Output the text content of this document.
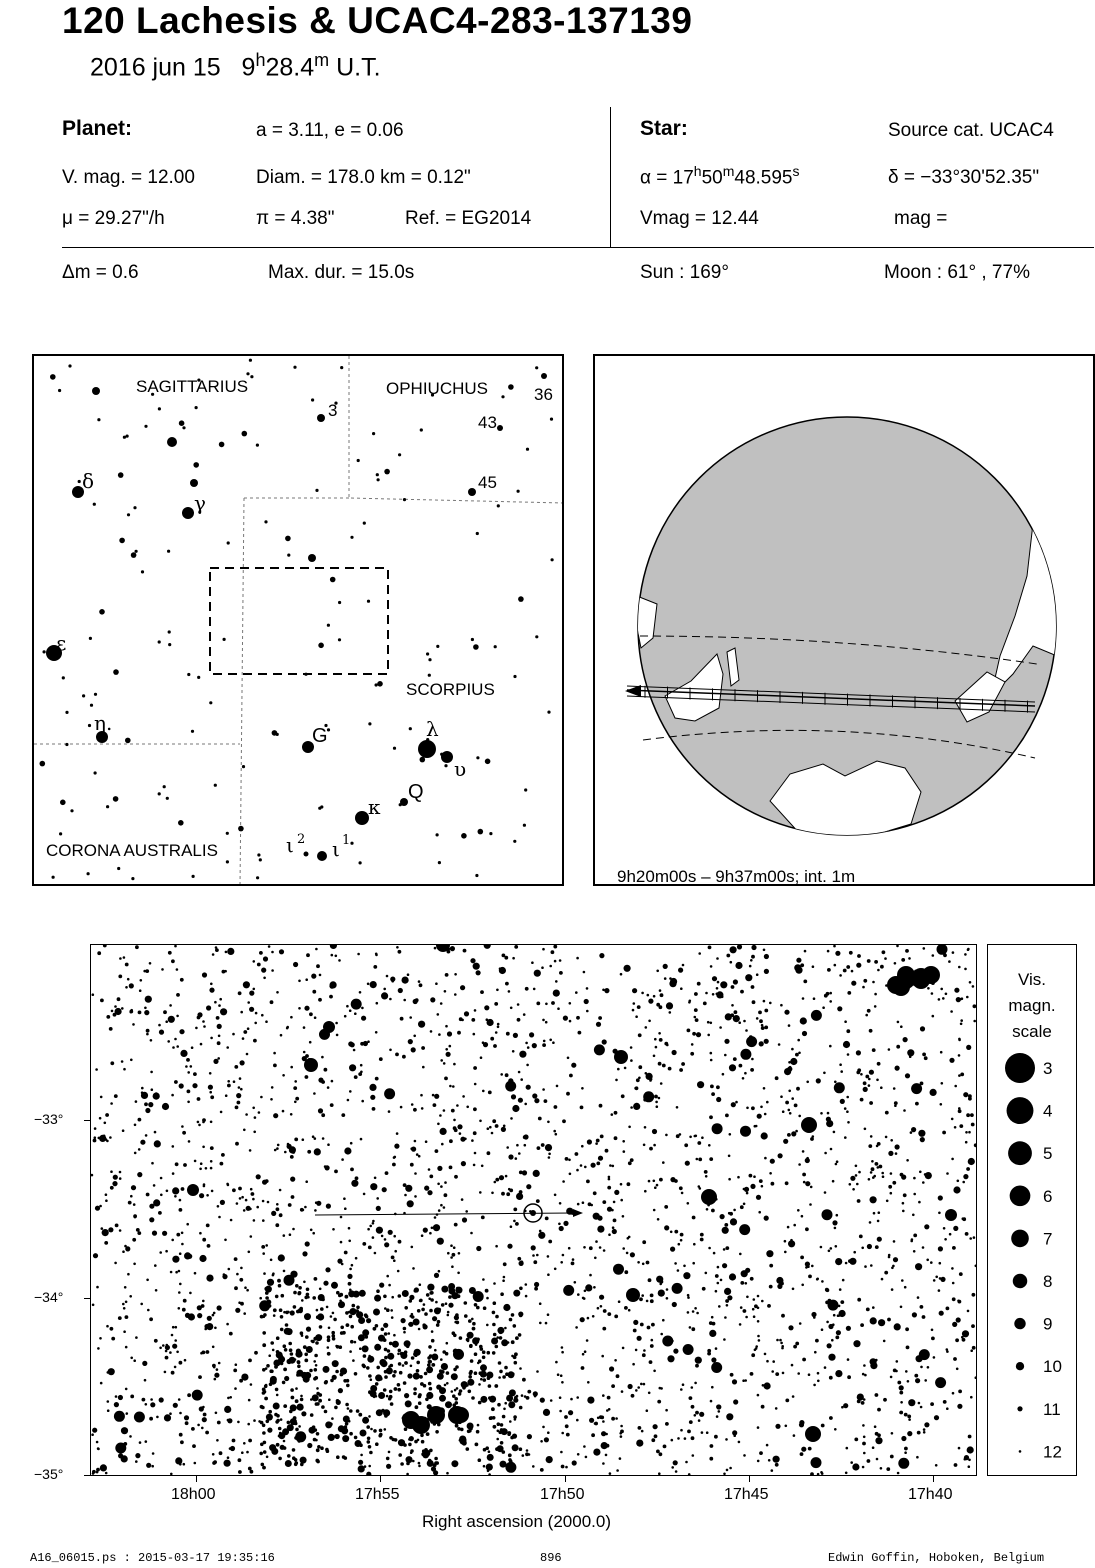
120 Lachesis & UCAC4-283-137139
2016 jun 15 9$^h$28.4$^m$ U.T.
Planet:	a = 3.11, e = 0.06
V. mag. = 12.00	Diam. = 178.0 km = 0.12"
μ = 29.27"/h	π = 4.38"	Ref. = EG2014
Star:	Source cat. UCAC4
$\alpha = 17^h50^m48.595^s$	δ = −33°30'52.35"
Vmag = 12.44	mag =
Δm = 0.6	Max. dur. = 15.0s	Sun : 169°	Moon : 61° , 77%
SAGITTARIUS	OPHIUCHUS
SCORPIUS
CORONA AUSTRALIS
δ
γ
ε
η.
G	λ
υ
Q
κ
ι 2 ι 1
3
43
45
36
9h20m00s – 9h37m00s; int. 1m
−33°
−34°
−35°
18h00	17h55	17h50	17h45	17h40
Right ascension (2000.0)
Vis.
magn.
scale
3
4
5
6
7
8
9
10
11
12
A16_06015.ps : 2015-03-17 19:35:16	896	Edwin Goffin, Hoboken, Belgium
